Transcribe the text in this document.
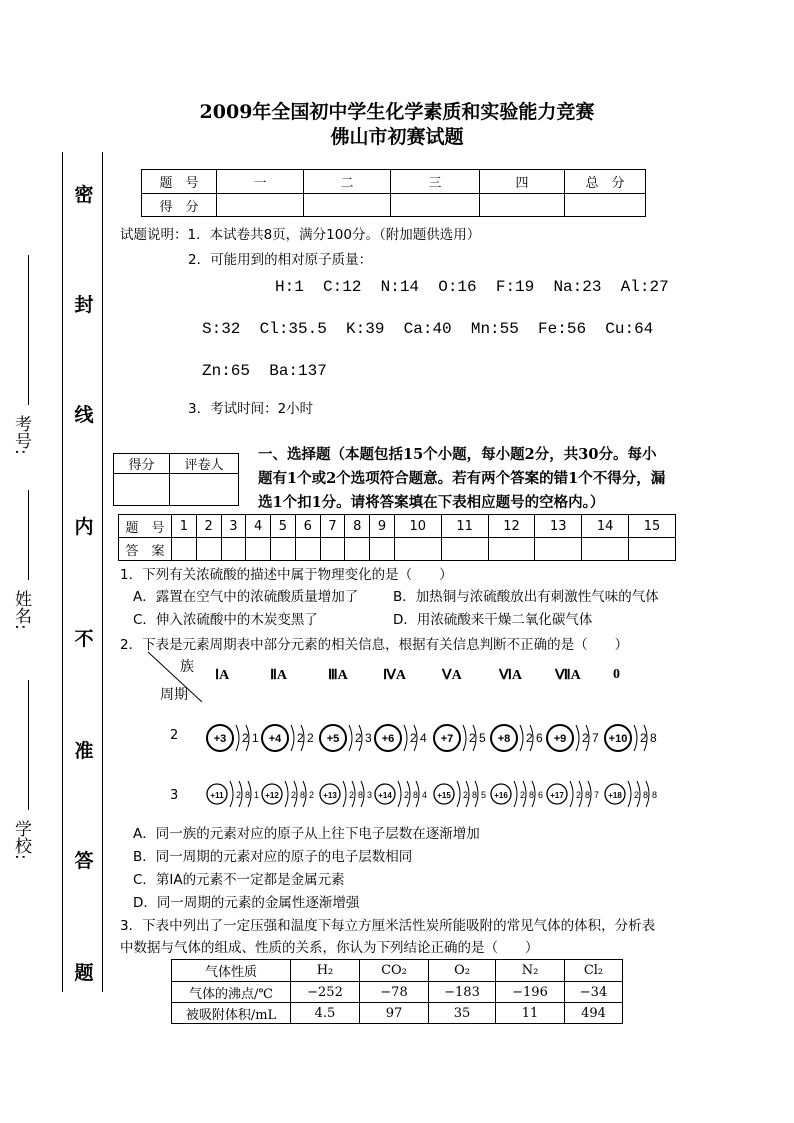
2009年全国初中学生化学素质和实验能力竞赛
佛山市初赛试题
密
封
线
内
不
准
答
题
考号:
姓名:
学校:
题　号	一	二	三	四	总　分
得　分					
试题说明：1．本试卷共8页，满分100分。（附加题供选用）
2．可能用到的相对原子质量：
H:1  C:12  N:14  O:16  F:19  Na:23  Al:27
S:32  Cl:35.5  K:39  Ca:40  Mn:55  Fe:56  Cu:64
Zn:65  Ba:137
3．考试时间：2小时
得分	评卷人

一、选择题（本题包括15个小题，每小题2分，共30分。每小
题有1个或2个选项符合题意。若有两个答案的错1个不得分，漏
选1个扣1分。请将答案填在下表相应题号的空格内。）
题　号	1	2	3	4	5	6	7	8	9	10	11	12	13	14	15
答　案															
1．下列有关浓硫酸的描述中属于物理变化的是（　　）
A．露置在空气中的浓硫酸质量增加了	B．加热铜与浓硫酸放出有刺激性气味的气体
C．伸入浓硫酸中的木炭变黑了	D．用浓硫酸来干燥二氧化碳气体
2．下表是元素周期表中部分元素的相关信息，根据有关信息判断不正确的是（　　）
族
周期
ⅠA	ⅡA	ⅢA	ⅣA	ⅤA	ⅥA ⅦA 0
2
3
+3 2 1 +4 2 2 +5 2 3 +6 2 4 +7 2 5 +8 2 6 +9 2 7 +10 2 8
+11 2 8 1 +12 2 8 2 +13 2 8 3 +14 2 8 4 +15 2 8 5 +16 2 8 6 +17 2 8 7 +18 2 8 8
A．同一族的元素对应的原子从上往下电子层数在逐渐增加
B．同一周期的元素对应的原子的电子层数相同
C．第ⅠA的元素不一定都是金属元素
D．同一周期的元素的金属性逐渐增强
3．下表中列出了一定压强和温度下每立方厘米活性炭所能吸附的常见气体的体积，分析表
中数据与气体的组成、性质的关系，你认为下列结论正确的是（　　）
气体性质	H₂	CO₂	O₂	N₂	Cl₂
气体的沸点/℃	−252	−78	−183	−196	−34
被吸附体积/mL	4.5	97	35	11	494
